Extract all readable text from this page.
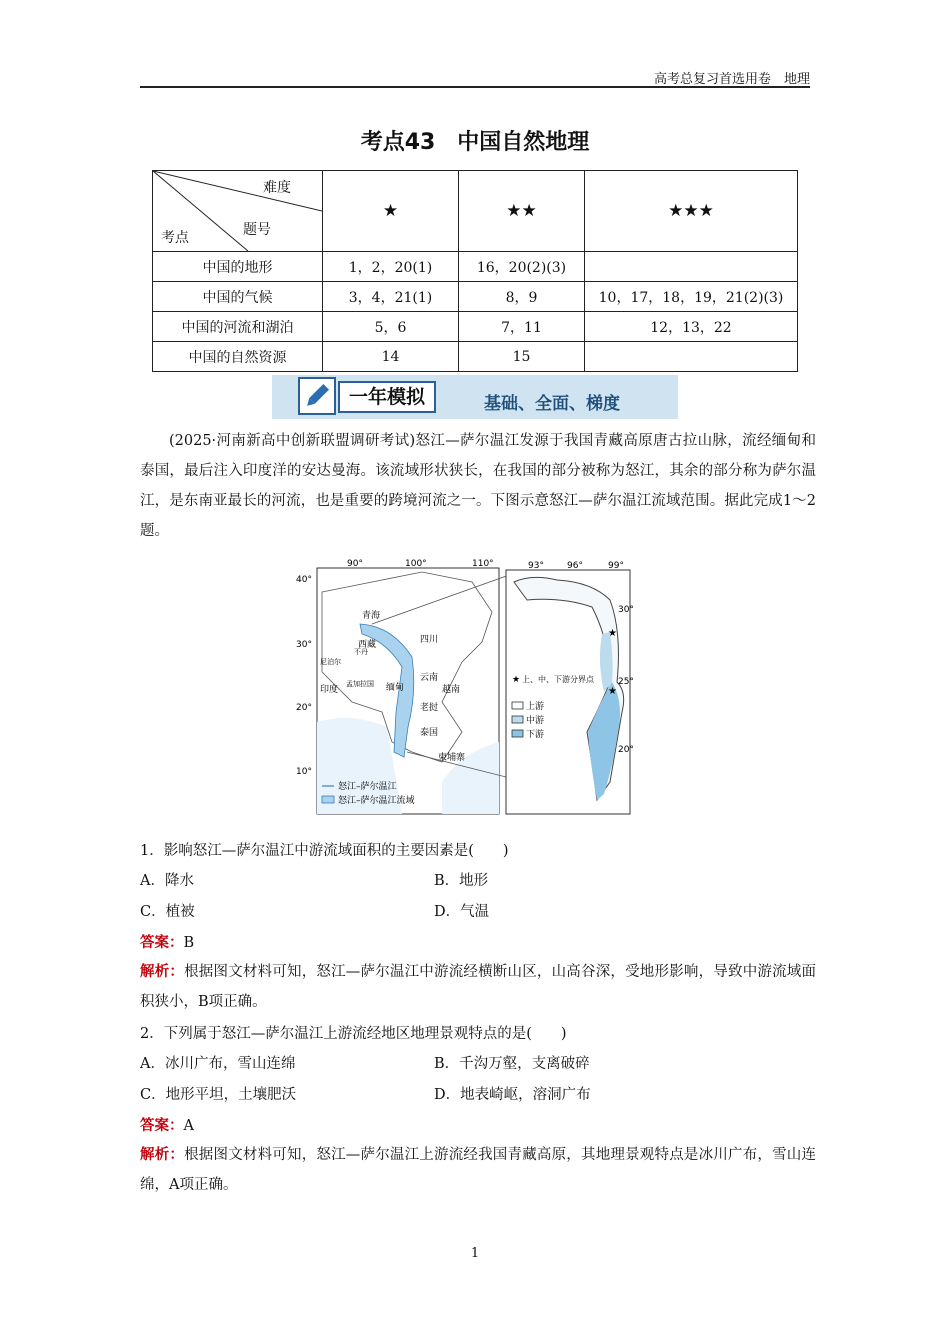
高考总复习首选用卷　地理
考点43　中国自然地理
难度
题号
考点	★	★★	★★★
中国的地形	1，2，20(1)	16，20(2)(3)	
中国的气候	3，4，21(1)	8，9	10，17，18，19，21(2)(3)
中国的河流和湖泊	5，6	7，11	12，13，22
中国的自然资源	14	15	
一年模拟	基础、全面、梯度
(2025·河南新高中创新联盟调研考试)怒江—萨尔温江发源于我国青藏高原唐古拉山脉，流经缅甸和泰国，最后注入印度洋的安达曼海。该流域形状狭长，在我国的部分被称为怒江，其余的部分称为萨尔温江，是东南亚最长的河流，也是重要的跨境河流之一。下图示意怒江—萨尔温江流域范围。据此完成1～2题。
青海
西藏	四川
云南
孟加拉国 缅甸
印度	越南
老挝
泰国
柬埔寨
尼泊尔
不丹
90°	100°	110°
40°
30°
20°
10°
怒江–萨尔温江
怒江–萨尔温江流域
★
★
93°	96°	99°
30°
25°
20°
★ 上、中、下游分界点
上游
中游
下游
1．影响怒江—萨尔温江中游流域面积的主要因素是(　　)
A．降水	B．地形
C．植被	D．气温
答案：B
解析：根据图文材料可知，怒江—萨尔温江中游流经横断山区，山高谷深，受地形影响，导致中游流域面积狭小，B项正确。
2．下列属于怒江—萨尔温江上游流经地区地理景观特点的是(　　)
A．冰川广布，雪山连绵	B．千沟万壑，支离破碎
C．地形平坦，土壤肥沃	D．地表崎岖，溶洞广布
答案：A
解析：根据图文材料可知，怒江—萨尔温江上游流经我国青藏高原，其地理景观特点是冰川广布，雪山连绵，A项正确。
1
